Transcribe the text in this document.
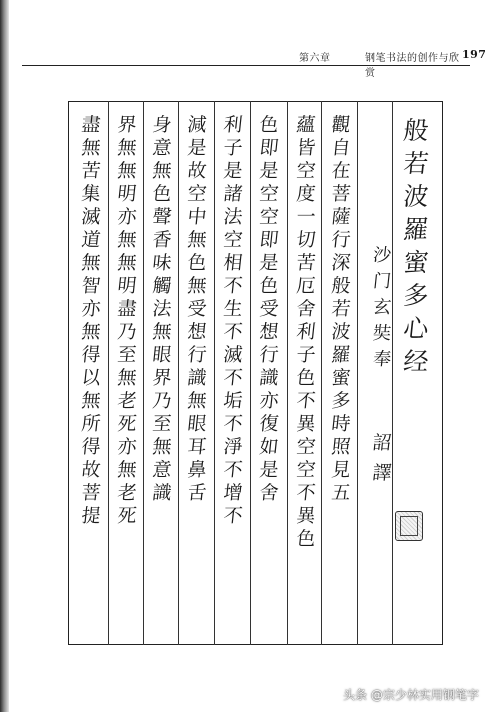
第六章	钢笔书法的创作与欣赏
197
般
若
波
羅
蜜
多
心
经
沙
门
玄
奘
奉
詔
譯
觀
自
在
菩
薩
行
深
般
若
波
羅
蜜
多
時
照
見
五
蘊
皆
空
度
一
切
苦
厄
舍
利
子
色
不
異
空
空
不
異
色
色
即
是
空
空
即
是
色
受
想
行
識
亦
復
如
是
舍
利
子
是
諸
法
空
相
不
生
不
滅
不
垢
不
淨
不
增
不
減
是
故
空
中
無
色
無
受
想
行
識
無
眼
耳
鼻
舌
身
意
無
色
聲
香
味
觸
法
無
眼
界
乃
至
無
意
識
界
無
無
明
亦
無
無
明
盡
乃
至
無
老
死
亦
無
老
死
盡
無
苦
集
滅
道
無
智
亦
無
得
以
無
所
得
故
菩
提
头条 @宗少林实用钢笔字
